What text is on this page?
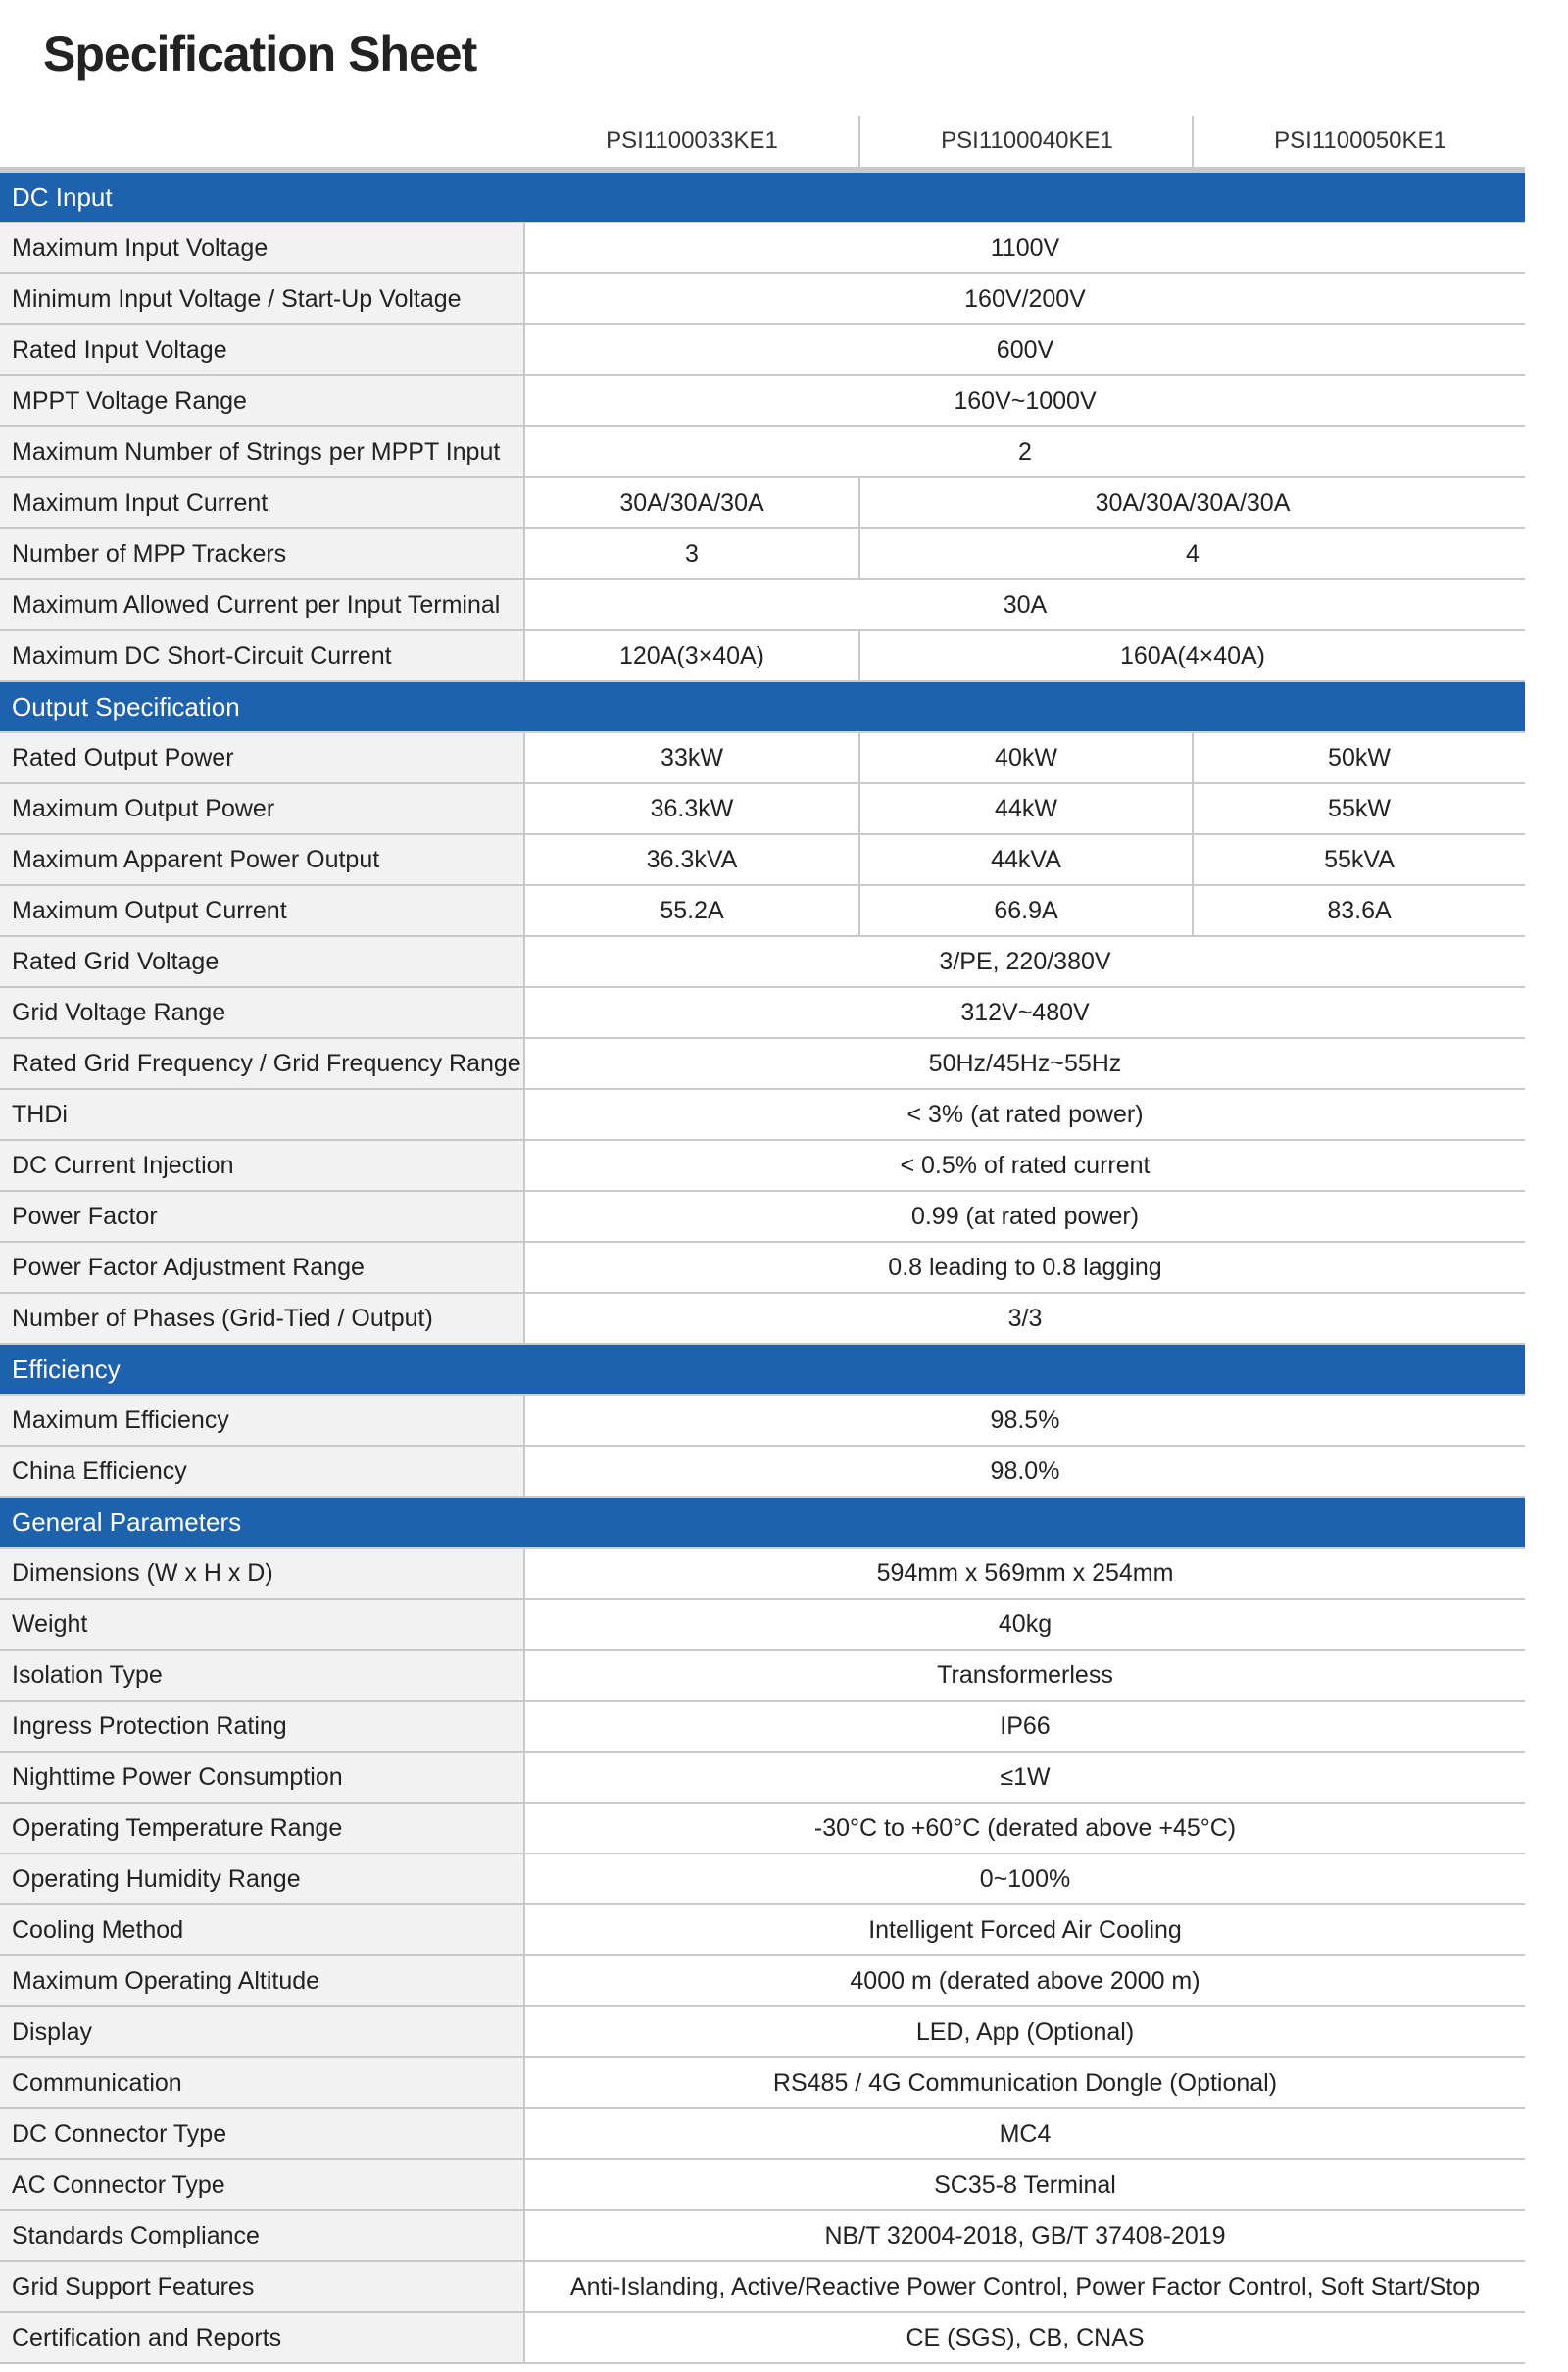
Specification Sheet
PSI1100033KE1	PSI1100040KE1	PSI1100050KE1
DC Input
Maximum Input Voltage	1100V
Minimum Input Voltage / Start-Up Voltage	160V/200V
Rated Input Voltage	600V
MPPT Voltage Range	160V~1000V
Maximum Number of Strings per MPPT Input	2
Maximum Input Current	30A/30A/30A	30A/30A/30A/30A
Number of MPP Trackers	3	4
Maximum Allowed Current per Input Terminal	30A
Maximum DC Short-Circuit Current	120A(3×40A)	160A(4×40A)
Output Specification
Rated Output Power	33kW	40kW	50kW
Maximum Output Power	36.3kW	44kW	55kW
Maximum Apparent Power Output	36.3kVA	44kVA	55kVA
Maximum Output Current	55.2A	66.9A	83.6A
Rated Grid Voltage	3/PE, 220/380V
Grid Voltage Range	312V~480V
Rated Grid Frequency / Grid Frequency Range	50Hz/45Hz~55Hz
THDi	< 3% (at rated power)
DC Current Injection	< 0.5% of rated current
Power Factor	0.99 (at rated power)
Power Factor Adjustment Range	0.8 leading to 0.8 lagging
Number of Phases (Grid-Tied / Output)	3/3
Efficiency
Maximum Efficiency	98.5%
China Efficiency	98.0%
General Parameters
Dimensions (W x H x D)	594mm x 569mm x 254mm
Weight	40kg
Isolation Type	Transformerless
Ingress Protection Rating	IP66
Nighttime Power Consumption	≤1W
Operating Temperature Range	-30°C to +60°C (derated above +45°C)
Operating Humidity Range	0~100%
Cooling Method	Intelligent Forced Air Cooling
Maximum Operating Altitude	4000 m (derated above 2000 m)
Display	LED, App (Optional)
Communication	RS485 / 4G Communication Dongle (Optional)
DC Connector Type	MC4
AC Connector Type	SC35-8 Terminal
Standards Compliance	NB/T 32004-2018, GB/T 37408-2019
Grid Support Features	Anti-Islanding, Active/Reactive Power Control, Power Factor Control, Soft Start/Stop
Certification and Reports	CE (SGS), CB, CNAS
